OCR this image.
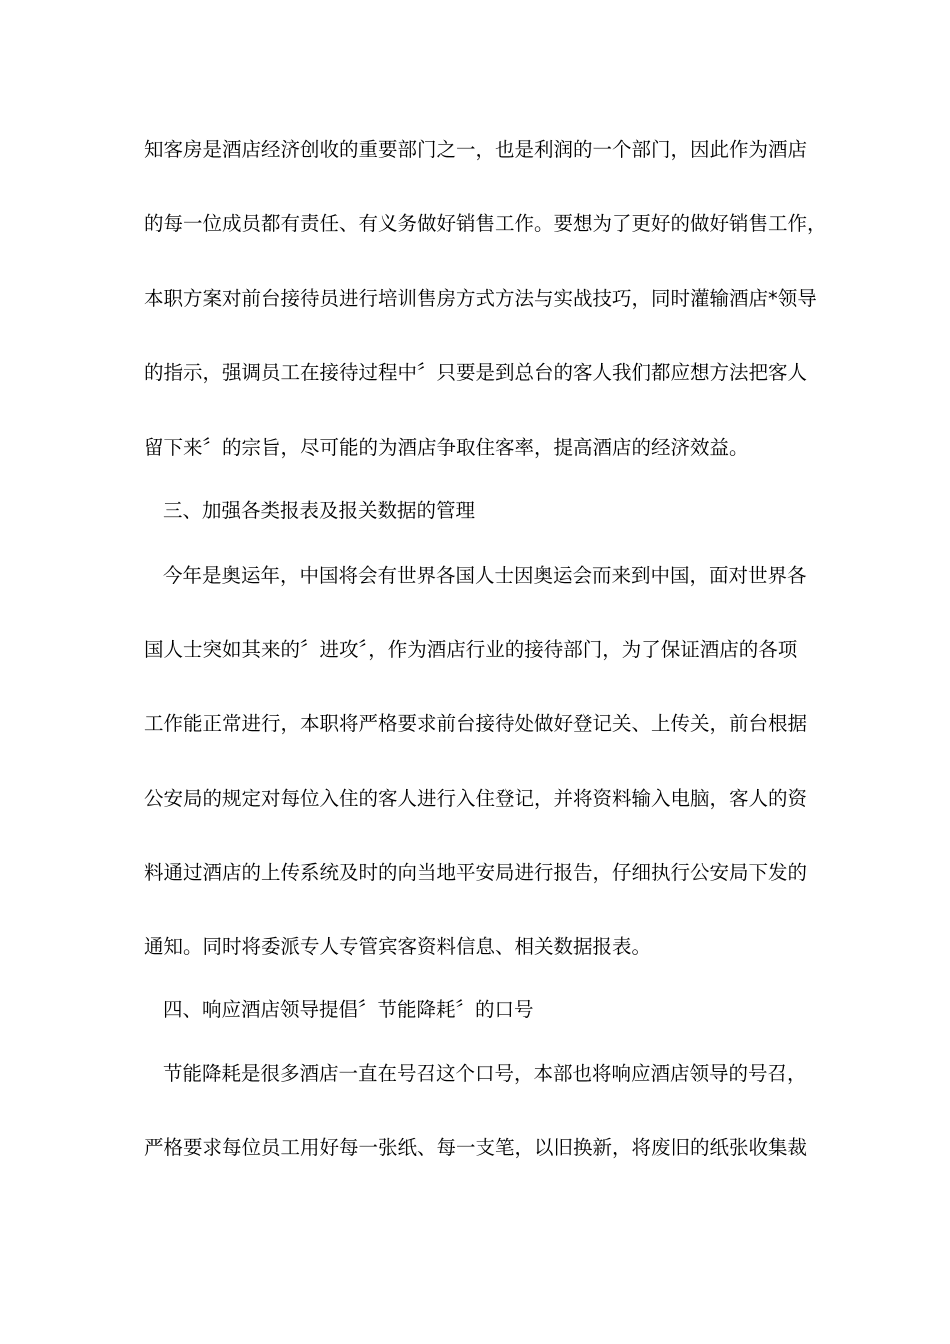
知客房是酒店经济创收的重要部门之一，也是利润的一个部门，因此作为酒店
的每一位成员都有责任、有义务做好销售工作。要想为了更好的做好销售工作，
本职方案对前台接待员进行培训售房方式方法与实战技巧，同时灌输酒店*领导
的指示，强调员工在接待过程中〞只要是到总台的客人我们都应想方法把客人
留下来〞的宗旨，尽可能的为酒店争取住客率，提高酒店的经济效益。
三、加强各类报表及报关数据的管理
今年是奥运年，中国将会有世界各国人士因奥运会而来到中国，面对世界各
国人士突如其来的〞进攻〞，作为酒店行业的接待部门，为了保证酒店的各项
工作能正常进行，本职将严格要求前台接待处做好登记关、上传关，前台根据
公安局的规定对每位入住的客人进行入住登记，并将资料输入电脑，客人的资
料通过酒店的上传系统及时的向当地平安局进行报告，仔细执行公安局下发的
通知。同时将委派专人专管宾客资料信息、相关数据报表。
四、响应酒店领导提倡〞节能降耗〞的口号
节能降耗是很多酒店一直在号召这个口号，本部也将响应酒店领导的号召，
严格要求每位员工用好每一张纸、每一支笔，以旧换新，将废旧的纸张收集裁
